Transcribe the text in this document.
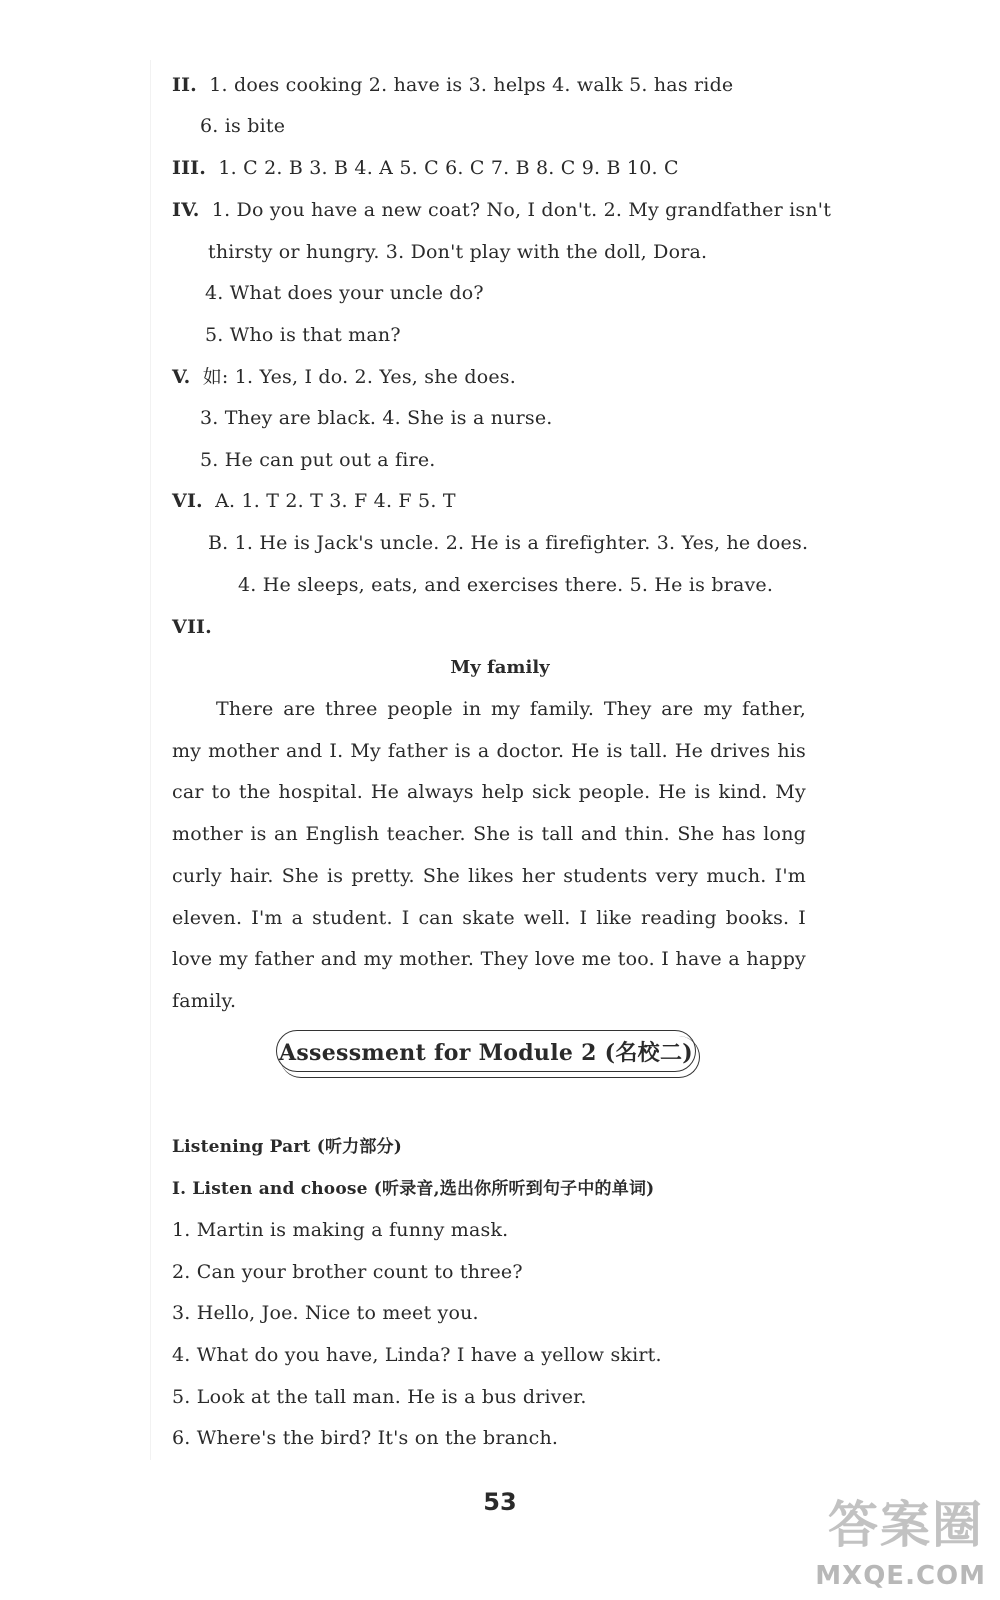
II. 1. does cooking 2. have is 3. helps 4. walk 5. has ride
6. is bite
III. 1. C 2. B 3. B 4. A 5. C 6. C 7. B 8. C 9. B 10. C
IV. 1. Do you have a new coat? No, I don't. 2. My grandfather isn't
thirsty or hungry. 3. Don't play with the doll, Dora.
4. What does your uncle do?
5. Who is that man?
V. 如: 1. Yes, I do. 2. Yes, she does.
3. They are black. 4. She is a nurse.
5. He can put out a fire.
VI. A. 1. T 2. T 3. F 4. F 5. T
B. 1. He is Jack's uncle. 2. He is a firefighter. 3. Yes, he does.
4. He sleeps, eats, and exercises there. 5. He is brave.
VII.
My family
There are three people in my family. They are my father, my mother and I. My father is a doctor. He is tall. He drives his car to the hospital. He always help sick people. He is kind. My mother is an English teacher. She is tall and thin. She has long curly hair. She is pretty. She likes her students very much. I'm eleven. I'm a student. I can skate well. I like reading books. I love my father and my mother. They love me too. I have a happy family.
Assessment for Module 2 (名校二)
Listening Part (听力部分)
I. Listen and choose (听录音,选出你所听到句子中的单词)
1. Martin is making a funny mask.
2. Can your brother count to three?
3. Hello, Joe. Nice to meet you.
4. What do you have, Linda? I have a yellow skirt.
5. Look at the tall man. He is a bus driver.
6. Where's the bird? It's on the branch.
53	答案圈
MXQE.COM
